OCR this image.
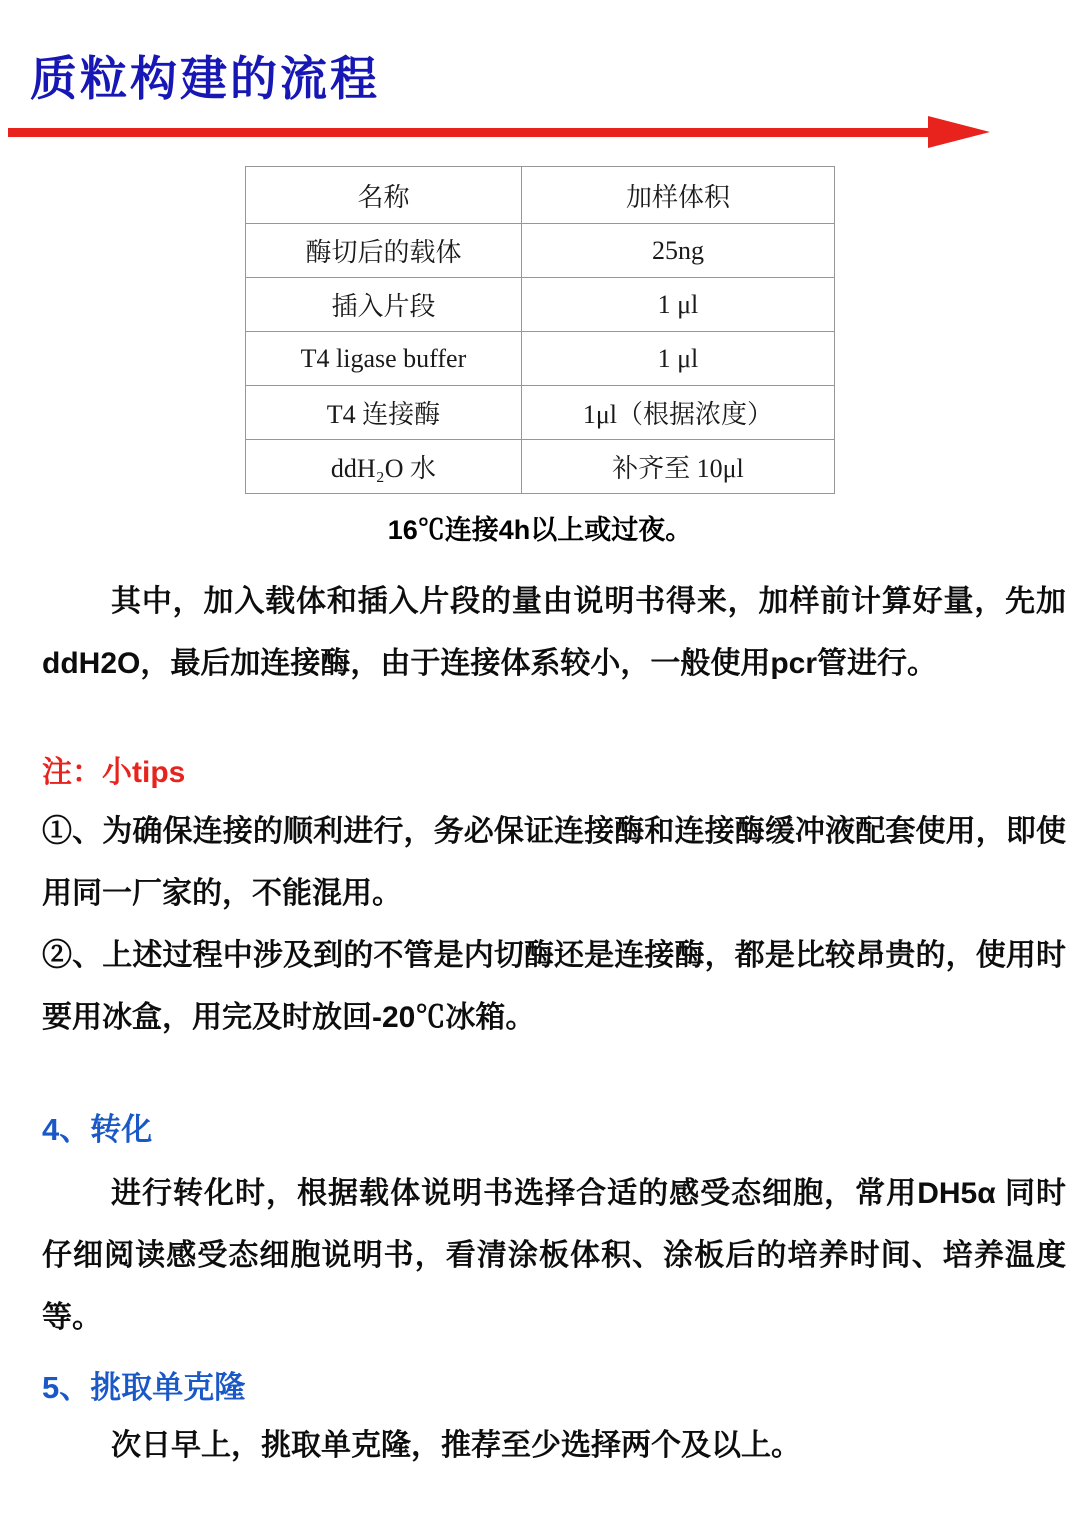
质粒构建的流程
名称	加样体积
酶切后的载体	25ng
插入片段	1 μl
T4 ligase buffer	1 μl
T4 连接酶	1μl（根据浓度）
ddH₂O 水	补齐至 10μl

16℃连接4h以上或过夜。

其中，加入载体和插入片段的量由说明书得来，加样前计算好量，先加ddH2O，最后加连接酶，由于连接体系较小，一般使用pcr管进行。

注：小tips

①、为确保连接的顺利进行，务必保证连接酶和连接酶缓冲液配套使用，即使用同一厂家的，不能混用。

②、上述过程中涉及到的不管是内切酶还是连接酶，都是比较昂贵的，使用时要用冰盒，用完及时放回-20℃冰箱。

4、转化

进行转化时，根据载体说明书选择合适的感受态细胞，常用DH5α 同时仔细阅读感受态细胞说明书，看清涂板体积、涂板后的培养时间、培养温度等。

5、挑取单克隆

次日早上，挑取单克隆，推荐至少选择两个及以上。
